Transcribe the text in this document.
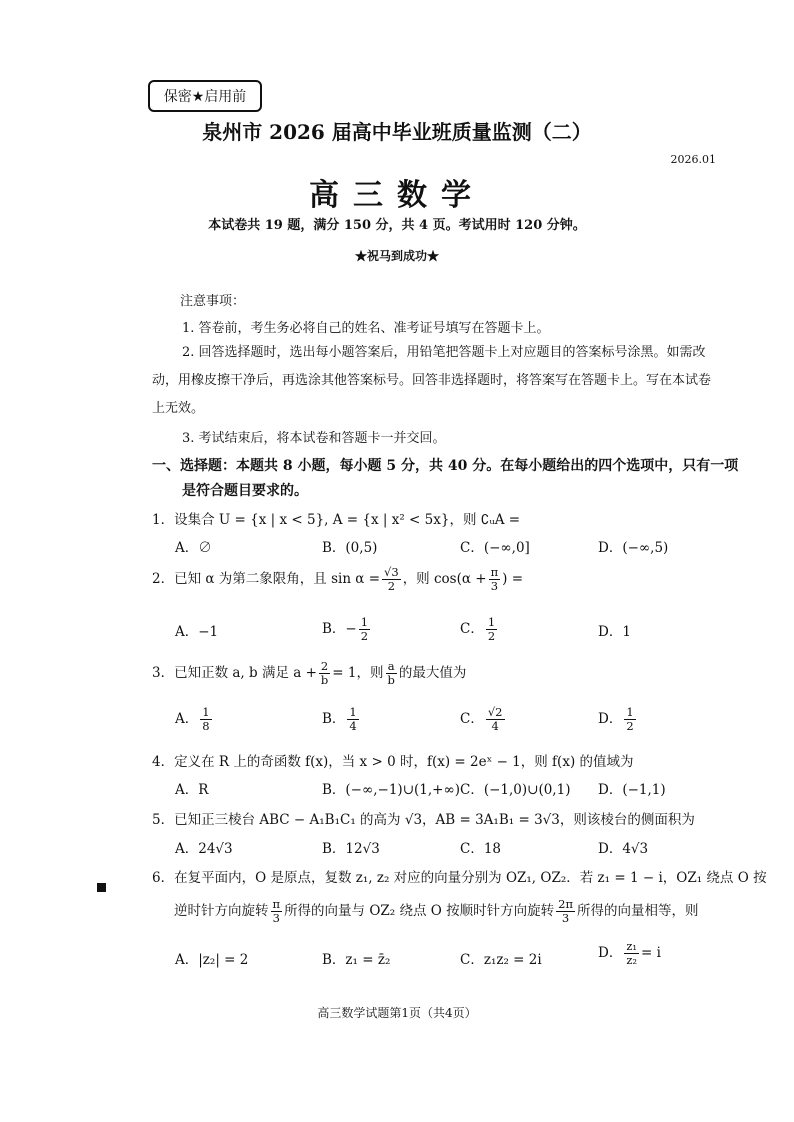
保密★启用前
泉州市 2026 届高中毕业班质量监测（二）
2026.01
高三数学
本试卷共 19 题，满分 150 分，共 4 页。考试用时 120 分钟。
★祝马到成功★
注意事项：
1. 答卷前，考生务必将自己的姓名、准考证号填写在答题卡上。
2. 回答选择题时，选出每小题答案后，用铅笔把答题卡上对应题目的答案标号涂黑。如需改动，用橡皮擦干净后，再选涂其他答案标号。回答非选择题时，将答案写在答题卡上。写在本试卷上无效。
3. 考试结束后，将本试卷和答题卡一并交回。
一、选择题：本题共 8 小题，每小题 5 分，共 40 分。在每小题给出的四个选项中，只有一项
是符合题目要求的。
1．设集合 U = {x | x < 5}, A = {x | x² < 5x}，则 ∁ᵤA =
A．∅	B．(0,5)	C．(−∞,0]	D．(−∞,5)
2．已知 α 为第二象限角，且 $\sin \alpha = \frac{√3}{2}$ ，则 $\cos(\alpha + \frac{\pi}{3}$ ) =
A．−1	B．− $\frac{1}{2}$	C． $\frac{1}{2}$	D．1
3．已知正数 a, b 满足 $a + \frac{2}{b} = 1$，则 $\frac{a}{b}$ 的最大值为
A． $\frac{1}{8}$	B． $\frac{1}{4}$	C． $\frac{√2}{4}$	D． $\frac{1}{2}$
4．定义在 R 上的奇函数 f(x)，当 x > 0 时，f(x) = 2eˣ − 1，则 f(x) 的值域为
A．R	B．(−∞,−1)∪(1,+∞) C．(−1,0)∪(0,1) D．(−1,1)
5．已知正三棱台 ABC − A₁B₁C₁ 的高为 √3，AB = 3A₁B₁ = 3√3，则该棱台的侧面积为
A．24√3	B．12√3	C．18	D．4√3
6．在复平面内，O 是原点，复数 z₁, z₂ 对应的向量分别为 OZ₁, OZ₂．若 z₁ = 1 − i，OZ₁ 绕点 O 按
逆时针方向旋转 $\frac{\pi}{3}$ 所得的向量与 OZ₂ 绕点 O 按顺时针方向旋转 $\frac{2\pi}{3}$ 所得的向量相等，则
A．|z₂| = 2	B．z₁ = z̄₂	C．z₁z₂ = 2i	D． $\frac{\text{z₁}}{\text{z₂}} = i$
高三数学试题第1页（共4页）
